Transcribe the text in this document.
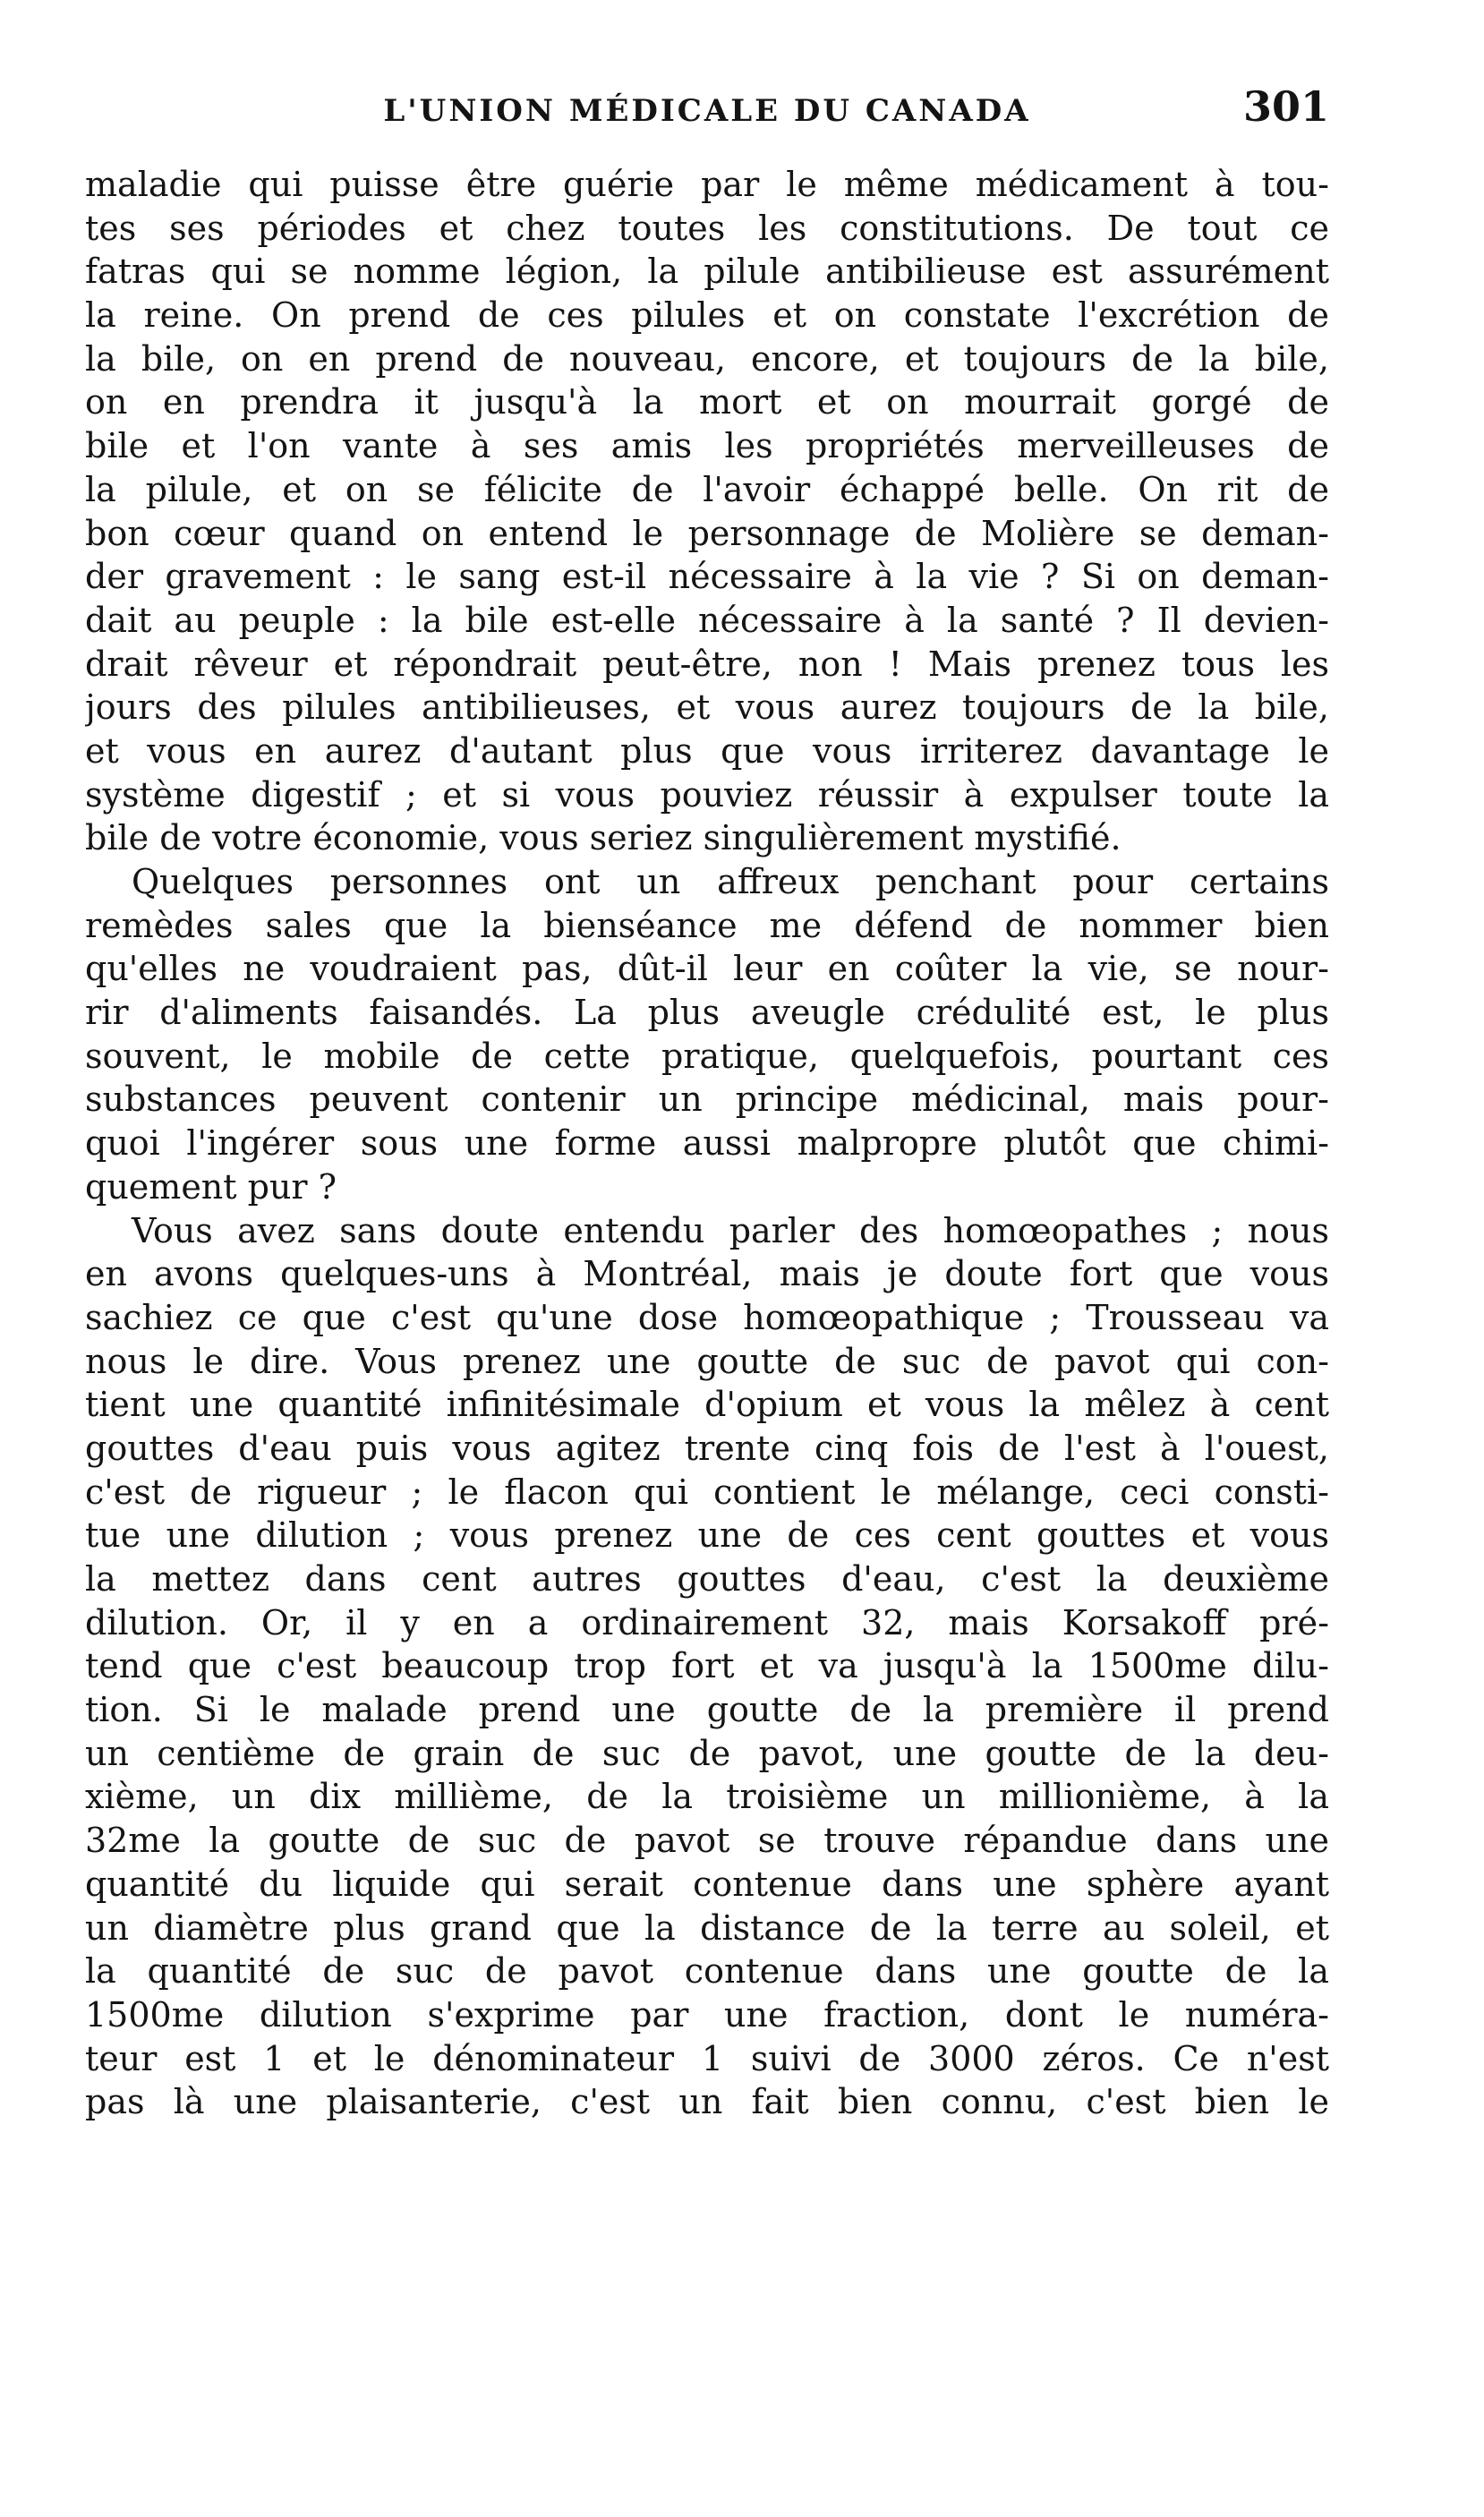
L'UNION MÉDICALE DU CANADA	301
maladie qui puisse être guérie par le même médicament à tou-
tes ses périodes et chez toutes les constitutions. De tout ce
fatras qui se nomme légion, la pilule antibilieuse est assurément
la reine. On prend de ces pilules et on constate l'excrétion de
la bile, on en prend de nouveau, encore, et toujours de la bile,
on en prendra it jusqu'à la mort et on mourrait gorgé de
bile et l'on vante à ses amis les propriétés merveilleuses de
la pilule, et on se félicite de l'avoir échappé belle. On rit de
bon cœur quand on entend le personnage de Molière se deman-
der gravement : le sang est-il nécessaire à la vie ? Si on deman-
dait au peuple : la bile est-elle nécessaire à la santé ? Il devien-
drait rêveur et répondrait peut-être, non ! Mais prenez tous les
jours des pilules antibilieuses, et vous aurez toujours de la bile,
et vous en aurez d'autant plus que vous irriterez davantage le
système digestif ; et si vous pouviez réussir à expulser toute la
bile de votre économie, vous seriez singulièrement mystifié.
Quelques personnes ont un affreux penchant pour certains
remèdes sales que la bienséance me défend de nommer bien
qu'elles ne voudraient pas, dût-il leur en coûter la vie, se nour-
rir d'aliments faisandés. La plus aveugle crédulité est, le plus
souvent, le mobile de cette pratique, quelquefois, pourtant ces
substances peuvent contenir un principe médicinal, mais pour-
quoi l'ingérer sous une forme aussi malpropre plutôt que chimi-
quement pur ?
Vous avez sans doute entendu parler des homœopathes ; nous
en avons quelques-uns à Montréal, mais je doute fort que vous
sachiez ce que c'est qu'une dose homœopathique ; Trousseau va
nous le dire. Vous prenez une goutte de suc de pavot qui con-
tient une quantité infinitésimale d'opium et vous la mêlez à cent
gouttes d'eau puis vous agitez trente cinq fois de l'est à l'ouest,
c'est de rigueur ; le flacon qui contient le mélange, ceci consti-
tue une dilution ; vous prenez une de ces cent gouttes et vous
la mettez dans cent autres gouttes d'eau, c'est la deuxième
dilution. Or, il y en a ordinairement 32, mais Korsakoff pré-
tend que c'est beaucoup trop fort et va jusqu'à la 1500me dilu-
tion. Si le malade prend une goutte de la première il prend
un centième de grain de suc de pavot, une goutte de la deu-
xième, un dix millième, de la troisième un millionième, à la
32me la goutte de suc de pavot se trouve répandue dans une
quantité du liquide qui serait contenue dans une sphère ayant
un diamètre plus grand que la distance de la terre au soleil, et
la quantité de suc de pavot contenue dans une goutte de la
1500me dilution s'exprime par une fraction, dont le numéra-
teur est 1 et le dénominateur 1 suivi de 3000 zéros. Ce n'est
pas là une plaisanterie, c'est un fait bien connu, c'est bien le
